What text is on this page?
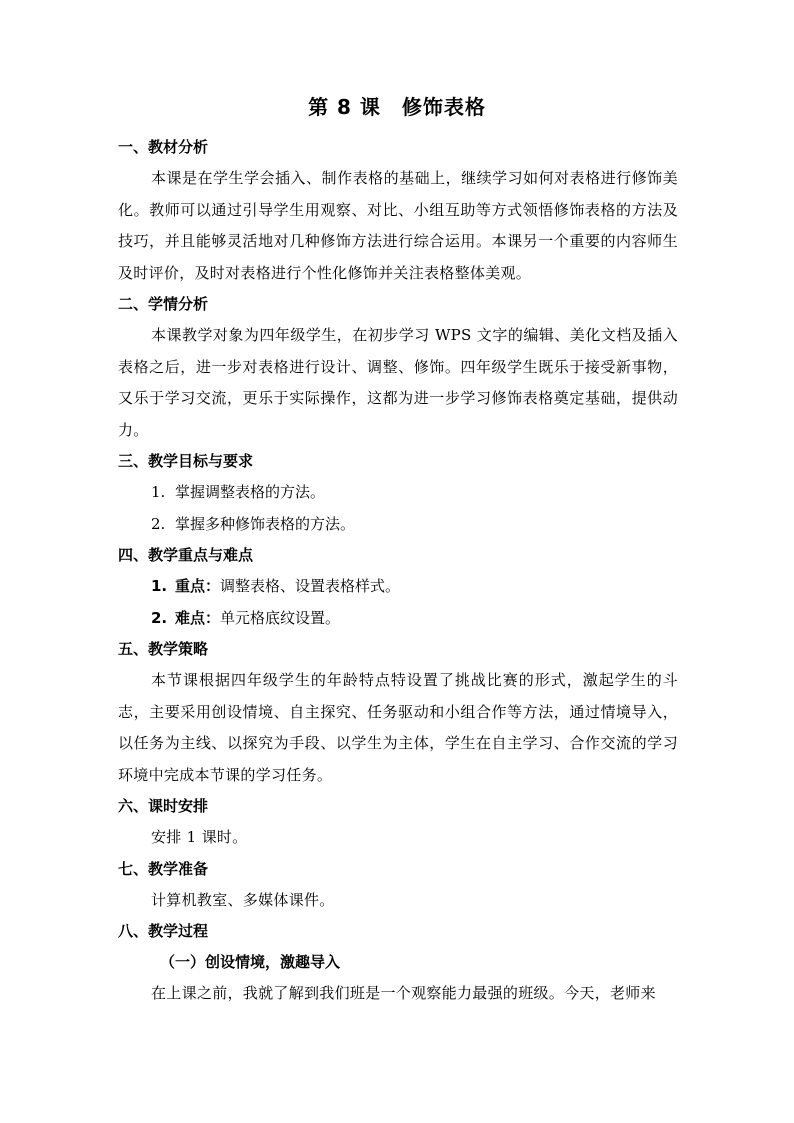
第 8 课　修饰表格
一、教材分析
本课是在学生学会插入、制作表格的基础上，继续学习如何对表格进行修饰美化。教师可以通过引导学生用观察、对比、小组互助等方式领悟修饰表格的方法及技巧，并且能够灵活地对几种修饰方法进行综合运用。本课另一个重要的内容师生及时评价，及时对表格进行个性化修饰并关注表格整体美观。
二、学情分析
本课教学对象为四年级学生，在初步学习 WPS 文字的编辑、美化文档及插入表格之后，进一步对表格进行设计、调整、修饰。四年级学生既乐于接受新事物，又乐于学习交流，更乐于实际操作，这都为进一步学习修饰表格奠定基础，提供动力。
三、教学目标与要求
1. 掌握调整表格的方法。
2. 掌握多种修饰表格的方法。
四、教学重点与难点
1. 重点：调整表格、设置表格样式。
2. 难点：单元格底纹设置。
五、教学策略
本节课根据四年级学生的年龄特点特设置了挑战比赛的形式，激起学生的斗志，主要采用创设情境、自主探究、任务驱动和小组合作等方法，通过情境导入，以任务为主线、以探究为手段、以学生为主体，学生在自主学习、合作交流的学习环境中完成本节课的学习任务。
六、课时安排
安排 1 课时。
七、教学准备
计算机教室、多媒体课件。
八、教学过程
（一）创设情境，激趣导入
在上课之前，我就了解到我们班是一个观察能力最强的班级。今天，老师来
